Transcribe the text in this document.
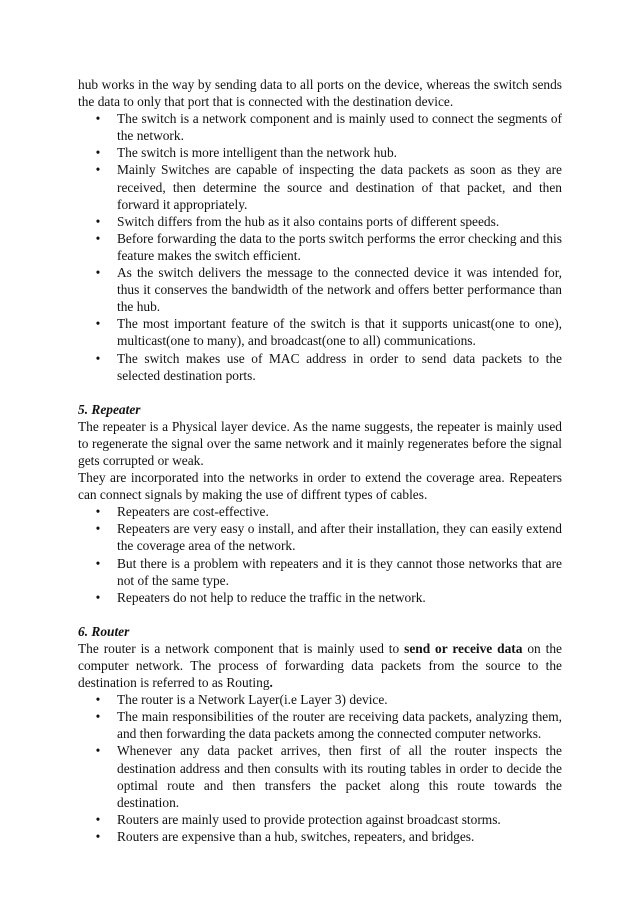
hub works in the way by sending data to all ports on the device, whereas the switch sends the data to only that port that is connected with the destination device.

• The switch is a network component and is mainly used to connect the segments of the network.
• The switch is more intelligent than the network hub.
• Mainly Switches are capable of inspecting the data packets as soon as they are received, then determine the source and destination of that packet, and then forward it appropriately.
• Switch differs from the hub as it also contains ports of different speeds.
• Before forwarding the data to the ports switch performs the error checking and this feature makes the switch efficient.
• As the switch delivers the message to the connected device it was intended for, thus it conserves the bandwidth of the network and offers better performance than the hub.
• The most important feature of the switch is that it supports unicast(one to one), multicast(one to many), and broadcast(one to all) communications.
• The switch makes use of MAC address in order to send data packets to the selected destination ports.
5. Repeater

The repeater is a Physical layer device. As the name suggests, the repeater is mainly used to regenerate the signal over the same network and it mainly regenerates before the signal gets corrupted or weak.

They are incorporated into the networks in order to extend the coverage area. Repeaters can connect signals by making the use of diffrent types of cables.

• Repeaters are cost-effective.
• Repeaters are very easy o install, and after their installation, they can easily extend the coverage area of the network.
• But there is a problem with repeaters and it is they cannot those networks that are not of the same type.
• Repeaters do not help to reduce the traffic in the network.
6. Router

The router is a network component that is mainly used to send or receive data on the computer network. The process of forwarding data packets from the source to the destination is referred to as Routing.

• The router is a Network Layer(i.e Layer 3) device.
• The main responsibilities of the router are receiving data packets, analyzing them, and then forwarding the data packets among the connected computer networks.
• Whenever any data packet arrives, then first of all the router inspects the destination address and then consults with its routing tables in order to decide the optimal route and then transfers the packet along this route towards the destination.
• Routers are mainly used to provide protection against broadcast storms.
• Routers are expensive than a hub, switches, repeaters, and bridges.
